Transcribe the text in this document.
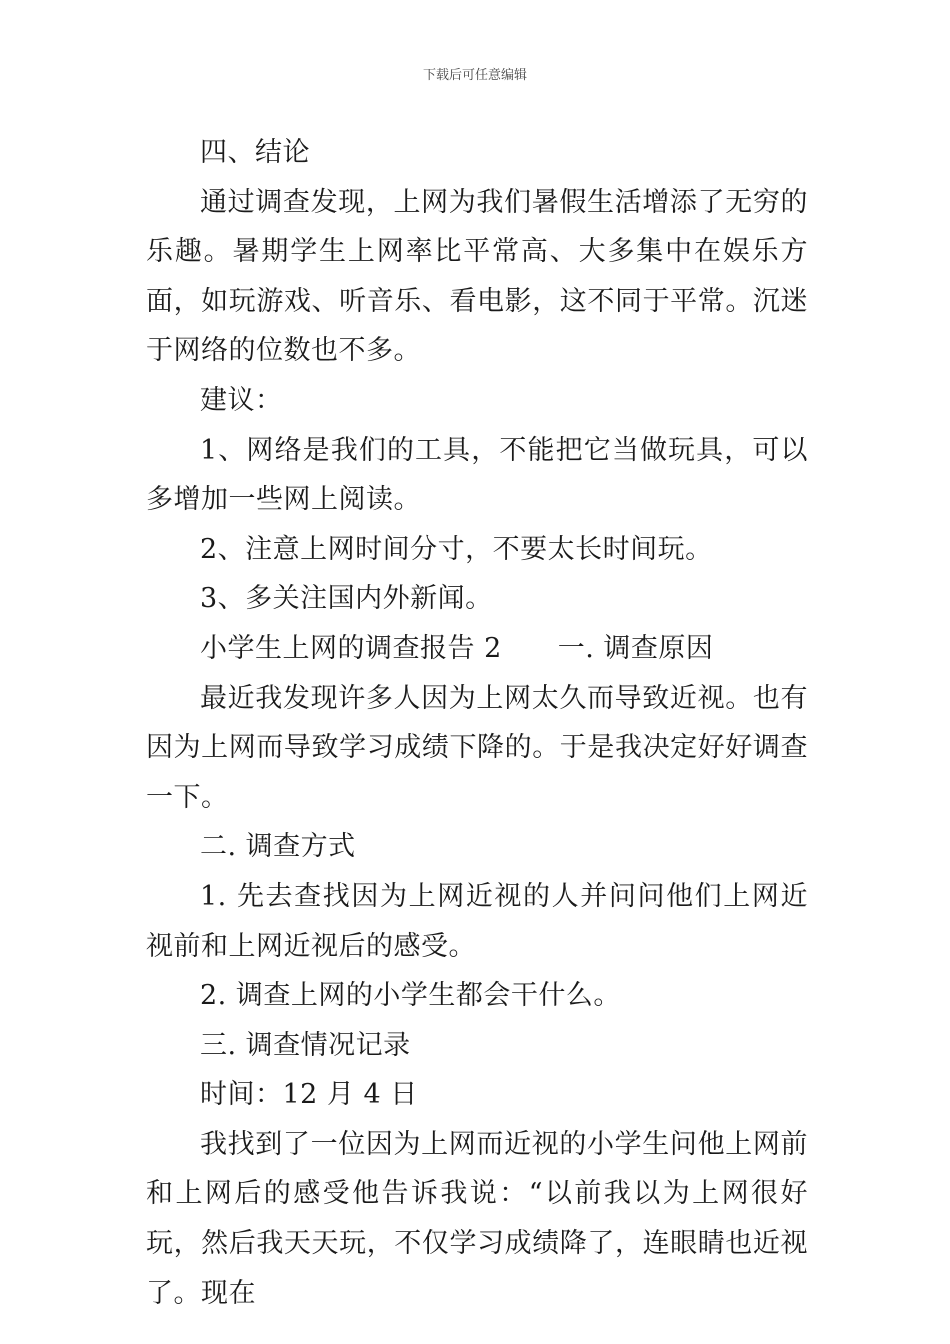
下载后可任意编辑

四、结论

通过调查发现，上网为我们暑假生活增添了无穷的乐趣。暑期学生上网率比平常高、大多集中在娱乐方面，如玩游戏、听音乐、看电影，这不同于平常。沉迷于网络的位数也不多。

建议：

1、网络是我们的工具，不能把它当做玩具，可以多增加一些网上阅读。

2、注意上网时间分寸，不要太长时间玩。

3、多关注国内外新闻。

小学生上网的调查报告 2 一. 调查原因

最近我发现许多人因为上网太久而导致近视。也有因为上网而导致学习成绩下降的。于是我决定好好调查一下。

二. 调查方式

1. 先去查找因为上网近视的人并问问他们上网近视前和上网近视后的感受。

2. 调查上网的小学生都会干什么。

三. 调查情况记录

时间：12 月 4 日

我找到了一位因为上网而近视的小学生问他上网前和上网后的感受他告诉我说：“以前我以为上网很好玩，然后我天天玩，不仅学习成绩降了，连眼睛也近视了。现在
